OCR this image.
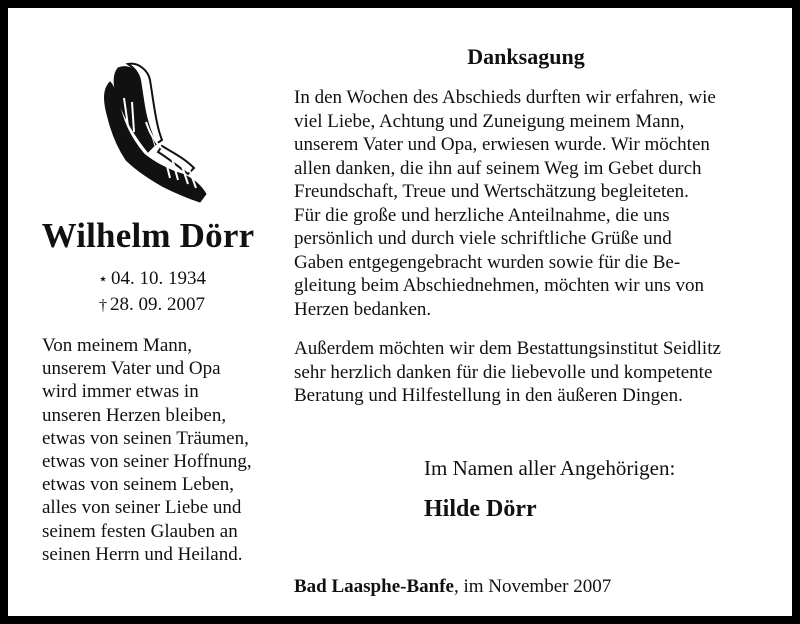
Wilhelm Dörr
⋆ 04. 10. 1934
† 28. 09. 2007
Von meinem Mann,
unserem Vater und Opa
wird immer etwas in
unseren Herzen bleiben,
etwas von seinen Träumen,
etwas von seiner Hoffnung,
etwas von seinem Leben,
alles von seiner Liebe und
seinem festen Glauben an
seinen Herrn und Heiland.
Danksagung
In den Wochen des Abschieds durften wir erfahren, wie
viel Liebe, Achtung und Zuneigung meinem Mann,
unserem Vater und Opa, erwiesen wurde. Wir möchten
allen danken, die ihn auf seinem Weg im Gebet durch
Freundschaft, Treue und Wertschätzung begleiteten.
Für die große und herzliche Anteilnahme, die uns
persönlich und durch viele schriftliche Grüße und
Gaben entgegengebracht wurden sowie für die Be-
gleitung beim Abschiednehmen, möchten wir uns von
Herzen bedanken.
Außerdem möchten wir dem Bestattungsinstitut Seidlitz
sehr herzlich danken für die liebevolle und kompetente
Beratung und Hilfestellung in den äußeren Dingen.
Im Namen aller Angehörigen:
Hilde Dörr
Bad Laasphe-Banfe, im November 2007
